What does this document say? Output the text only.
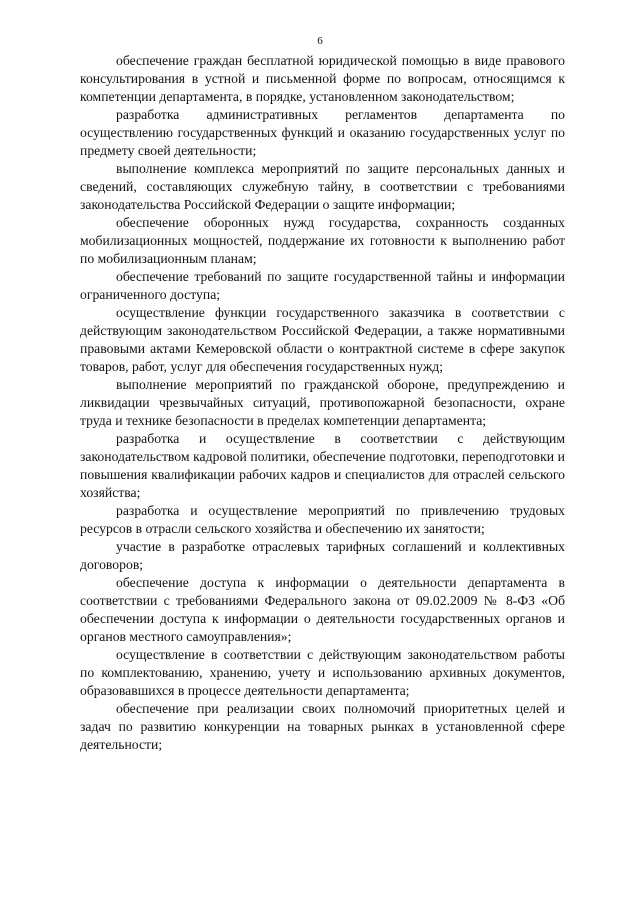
6

обеспечение граждан бесплатной юридической помощью в виде правового консультирования в устной и письменной форме по вопросам, относящимся к компетенции департамента, в порядке, установленном законодательством;

разработка административных регламентов департамента по осуществлению государственных функций и оказанию государственных услуг по предмету своей деятельности;

выполнение комплекса мероприятий по защите персональных данных и сведений, составляющих служебную тайну, в соответствии с требованиями законодательства Российской Федерации о защите информации;

обеспечение оборонных нужд государства, сохранность созданных мобилизационных мощностей, поддержание их готовности к выполнению работ по мобилизационным планам;

обеспечение требований по защите государственной тайны и информации ограниченного доступа;

осуществление функции государственного заказчика в соответствии с действующим законодательством Российской Федерации, а также нормативными правовыми актами Кемеровской области о контрактной системе в сфере закупок товаров, работ, услуг для обеспечения государственных нужд;

выполнение мероприятий по гражданской обороне, предупреждению и ликвидации чрезвычайных ситуаций, противопожарной безопасности, охране труда и технике безопасности в пределах компетенции департамента;

разработка и осуществление в соответствии с действующим законодательством кадровой политики, обеспечение подготовки, переподготовки и повышения квалификации рабочих кадров и специалистов для отраслей сельского хозяйства;

разработка и осуществление мероприятий по привлечению трудовых ресурсов в отрасли сельского хозяйства и обеспечению их занятости;

участие в разработке отраслевых тарифных соглашений и коллективных договоров;

обеспечение доступа к информации о деятельности департамента в соответствии с требованиями Федерального закона от 09.02.2009 № 8-ФЗ «Об обеспечении доступа к информации о деятельности государственных органов и органов местного самоуправления»;

осуществление в соответствии с действующим законодательством работы по комплектованию, хранению, учету и использованию архивных документов, образовавшихся в процессе деятельности департамента;

обеспечение при реализации своих полномочий приоритетных целей и задач по развитию конкуренции на товарных рынках в установленной сфере деятельности;
